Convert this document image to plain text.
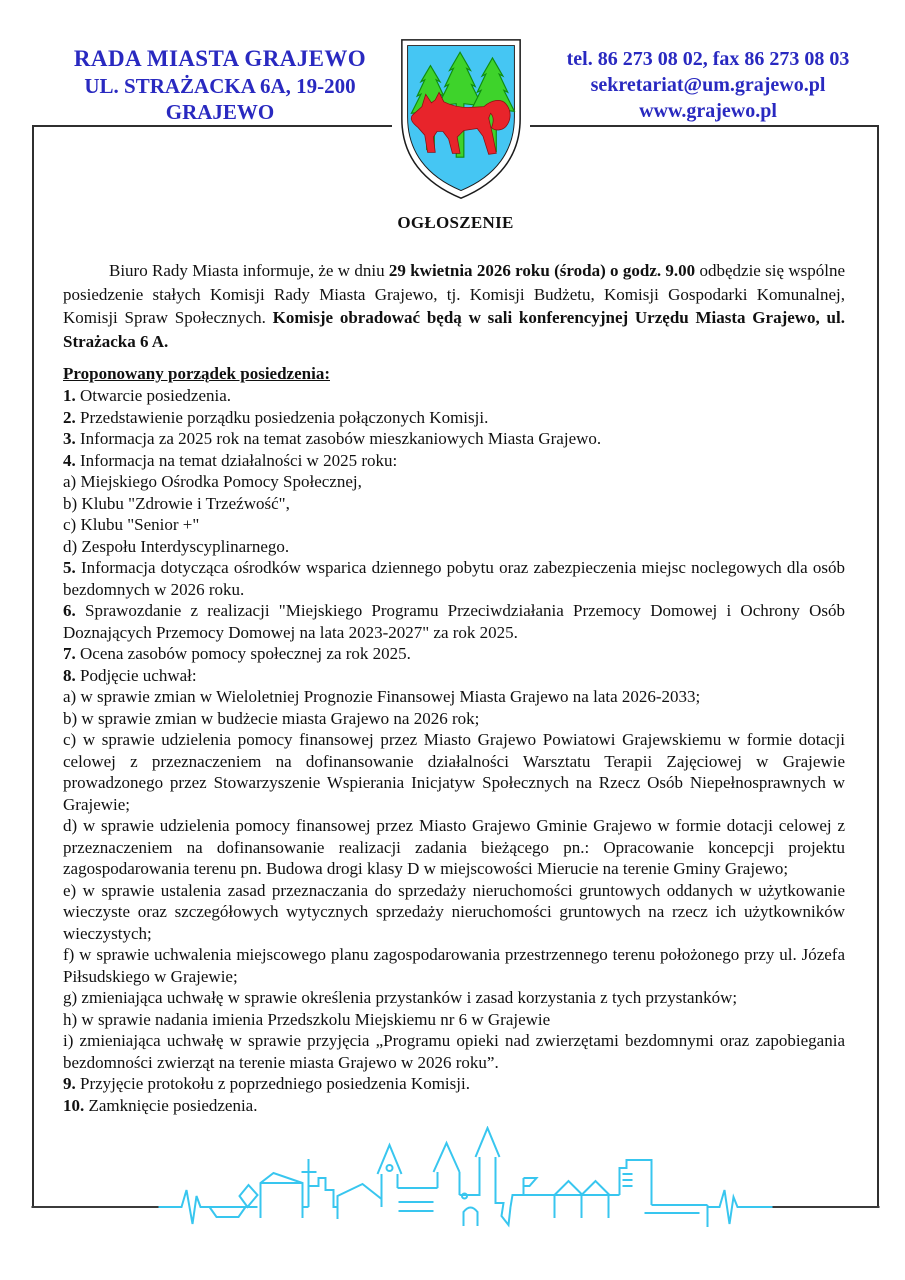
RADA MIASTA GRAJEWO
UL. STRAŻACKA 6A, 19-200 GRAJEWO
tel. 86 273 08 02, fax 86 273 08 03
sekretariat@um.grajewo.pl
www.grajewo.pl
OGŁOSZENIE

Biuro Rady Miasta informuje, że w dniu 29 kwietnia 2026 roku (środa) o godz. 9.00 odbędzie się wspólne posiedzenie stałych Komisji Rady Miasta Grajewo, tj. Komisji Budżetu, Komisji Gospodarki Komunalnej, Komisji Spraw Społecznych. Komisje obradować będą w sali konferencyjnej Urzędu Miasta Grajewo, ul. Strażacka 6 A.

Proponowany porządek posiedzenia:
1. Otwarcie posiedzenia.
2. Przedstawienie porządku posiedzenia połączonych Komisji.
3. Informacja za 2025 rok na temat zasobów mieszkaniowych Miasta Grajewo.
4. Informacja na temat działalności w 2025 roku:
a) Miejskiego Ośrodka Pomocy Społecznej,
b) Klubu "Zdrowie i Trzeźwość",
c) Klubu "Senior +"
d) Zespołu Interdyscyplinarnego.
5. Informacja dotycząca ośrodków wsparica dziennego pobytu oraz zabezpieczenia miejsc noclegowych dla osób bezdomnych w 2026 roku.
6. Sprawozdanie z realizacji "Miejskiego Programu Przeciwdziałania Przemocy Domowej i Ochrony Osób Doznających Przemocy Domowej na lata 2023-2027" za rok 2025.
7. Ocena zasobów pomocy społecznej za rok 2025.
8. Podjęcie uchwał:
a) w sprawie zmian w Wieloletniej Prognozie Finansowej Miasta Grajewo na lata 2026-2033;
b) w sprawie zmian w budżecie miasta Grajewo na 2026 rok;
c) w sprawie udzielenia pomocy finansowej przez Miasto Grajewo Powiatowi Grajewskiemu w formie dotacji celowej z przeznaczeniem na dofinansowanie działalności Warsztatu Terapii Zajęciowej w Grajewie prowadzonego przez Stowarzyszenie Wspierania Inicjatyw Społecznych na Rzecz Osób Niepełnosprawnych w Grajewie;
d) w sprawie udzielenia pomocy finansowej przez Miasto Grajewo Gminie Grajewo w formie dotacji celowej z przeznaczeniem na dofinansowanie realizacji zadania bieżącego pn.: Opracowanie koncepcji projektu zagospodarowania terenu pn. Budowa drogi klasy D w miejscowości Mierucie na terenie Gminy Grajewo;
e) w sprawie ustalenia zasad przeznaczania do sprzedaży nieruchomości gruntowych oddanych w użytkowanie wieczyste oraz szczegółowych wytycznych sprzedaży nieruchomości gruntowych na rzecz ich użytkowników wieczystych;
f) w sprawie uchwalenia miejscowego planu zagospodarowania przestrzennego terenu położonego przy ul. Józefa Piłsudskiego w Grajewie;
g) zmieniająca uchwałę w sprawie określenia przystanków i zasad korzystania z tych przystanków;
h) w sprawie nadania imienia Przedszkolu Miejskiemu nr 6 w Grajewie
i) zmieniająca uchwałę w sprawie przyjęcia „Programu opieki nad zwierzętami bezdomnymi oraz zapobiegania bezdomności zwierząt na terenie miasta Grajewo w 2026 roku”.
9. Przyjęcie protokołu z poprzedniego posiedzenia Komisji.
10. Zamknięcie posiedzenia.
